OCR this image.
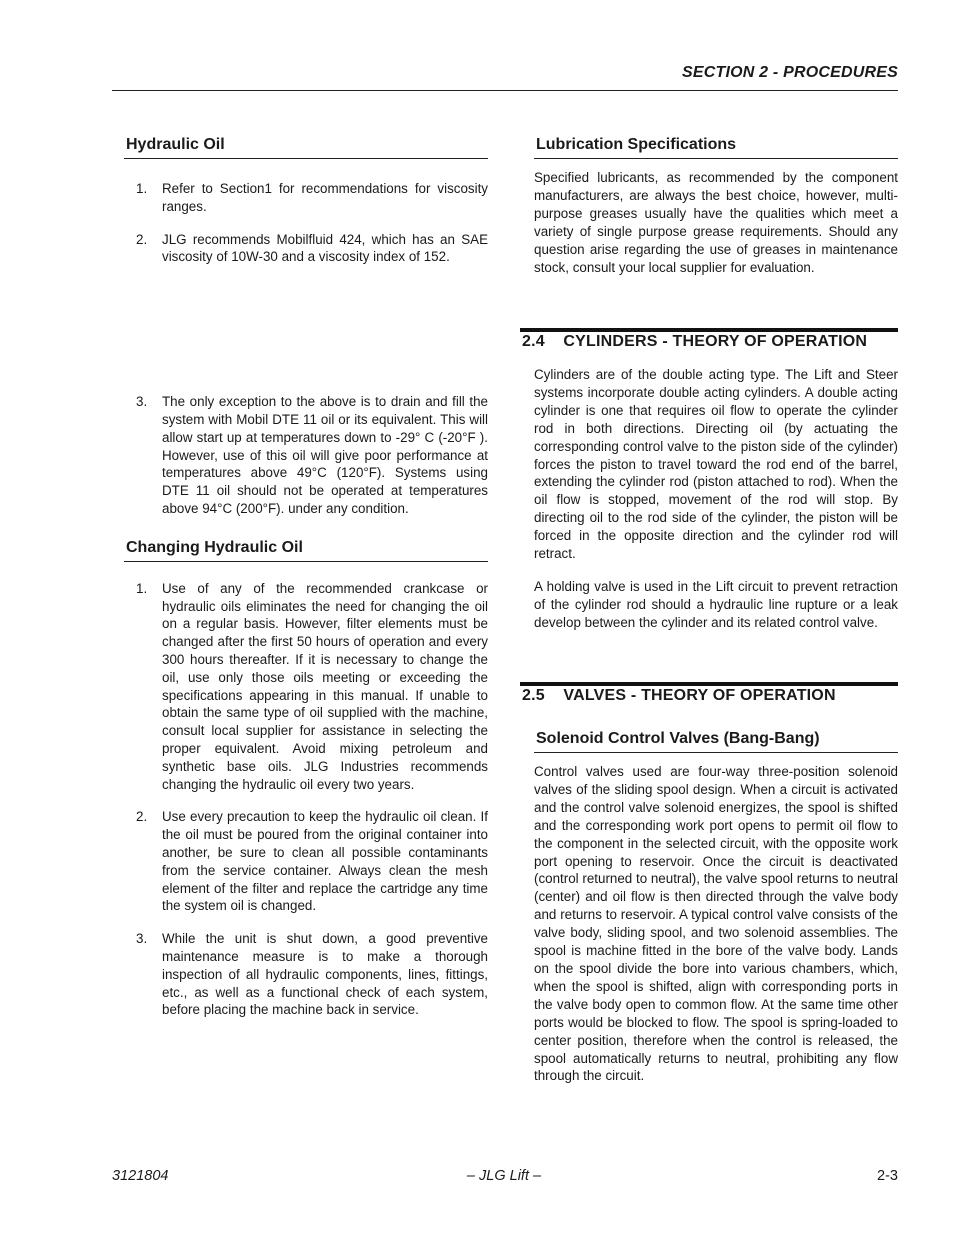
SECTION 2 - PROCEDURES
Hydraulic Oil
1. Refer to Section1 for recommendations for viscosity ranges.
2. JLG recommends Mobilfluid 424, which has an SAE viscosity of 10W-30 and a viscosity index of 152.
3. The only exception to the above is to drain and fill the system with Mobil DTE 11 oil or its equivalent. This will allow start up at temperatures down to -29° C (-20°F ). However, use of this oil will give poor performance at temperatures above 49°C (120°F). Systems using DTE 11 oil should not be operated at temperatures above 94°C (200°F). under any condition.
Changing Hydraulic Oil
1. Use of any of the recommended crankcase or hydraulic oils eliminates the need for changing the oil on a regular basis. However, filter elements must be changed after the first 50 hours of operation and every 300 hours thereafter. If it is necessary to change the oil, use only those oils meeting or exceeding the specifications appearing in this manual. If unable to obtain the same type of oil supplied with the machine, consult local supplier for assistance in selecting the proper equivalent. Avoid mixing petroleum and synthetic base oils. JLG Industries recommends changing the hydraulic oil every two years.
2. Use every precaution to keep the hydraulic oil clean. If the oil must be poured from the original container into another, be sure to clean all possible contaminants from the service container. Always clean the mesh element of the filter and replace the cartridge any time the system oil is changed.
3. While the unit is shut down, a good preventive maintenance measure is to make a thorough inspection of all hydraulic components, lines, fittings, etc., as well as a functional check of each system, before placing the machine back in service.
Lubrication Specifications

Specified lubricants, as recommended by the component manufacturers, are always the best choice, however, multi-purpose greases usually have the qualities which meet a variety of single purpose grease requirements. Should any question arise regarding the use of greases in maintenance stock, consult your local supplier for evaluation.

2.4    CYLINDERS - THEORY OF OPERATION

Cylinders are of the double acting type. The Lift and Steer systems incorporate double acting cylinders. A double acting cylinder is one that requires oil flow to operate the cylinder rod in both directions. Directing oil (by actuating the corresponding control valve to the piston side of the cylinder) forces the piston to travel toward the rod end of the barrel, extending the cylinder rod (piston attached to rod). When the oil flow is stopped, movement of the rod will stop. By directing oil to the rod side of the cylinder, the piston will be forced in the opposite direction and the cylinder rod will retract.

A holding valve is used in the Lift circuit to prevent retraction of the cylinder rod should a hydraulic line rupture or a leak develop between the cylinder and its related control valve.

2.5    VALVES - THEORY OF OPERATION
Solenoid Control Valves (Bang-Bang)

Control valves used are four-way three-position solenoid valves of the sliding spool design. When a circuit is activated and the control valve solenoid energizes, the spool is shifted and the corresponding work port opens to permit oil flow to the component in the selected circuit, with the opposite work port opening to reservoir. Once the circuit is deactivated (control returned to neutral), the valve spool returns to neutral (center) and oil flow is then directed through the valve body and returns to reservoir. A typical control valve consists of the valve body, sliding spool, and two solenoid assemblies. The spool is machine fitted in the bore of the valve body. Lands on the spool divide the bore into various chambers, which, when the spool is shifted, align with corresponding ports in the valve body open to common flow. At the same time other ports would be blocked to flow. The spool is spring-loaded to center position, therefore when the control is released, the spool automatically returns to neutral, prohibiting any flow through the circuit.

3121804	– JLG Lift –	2-3
